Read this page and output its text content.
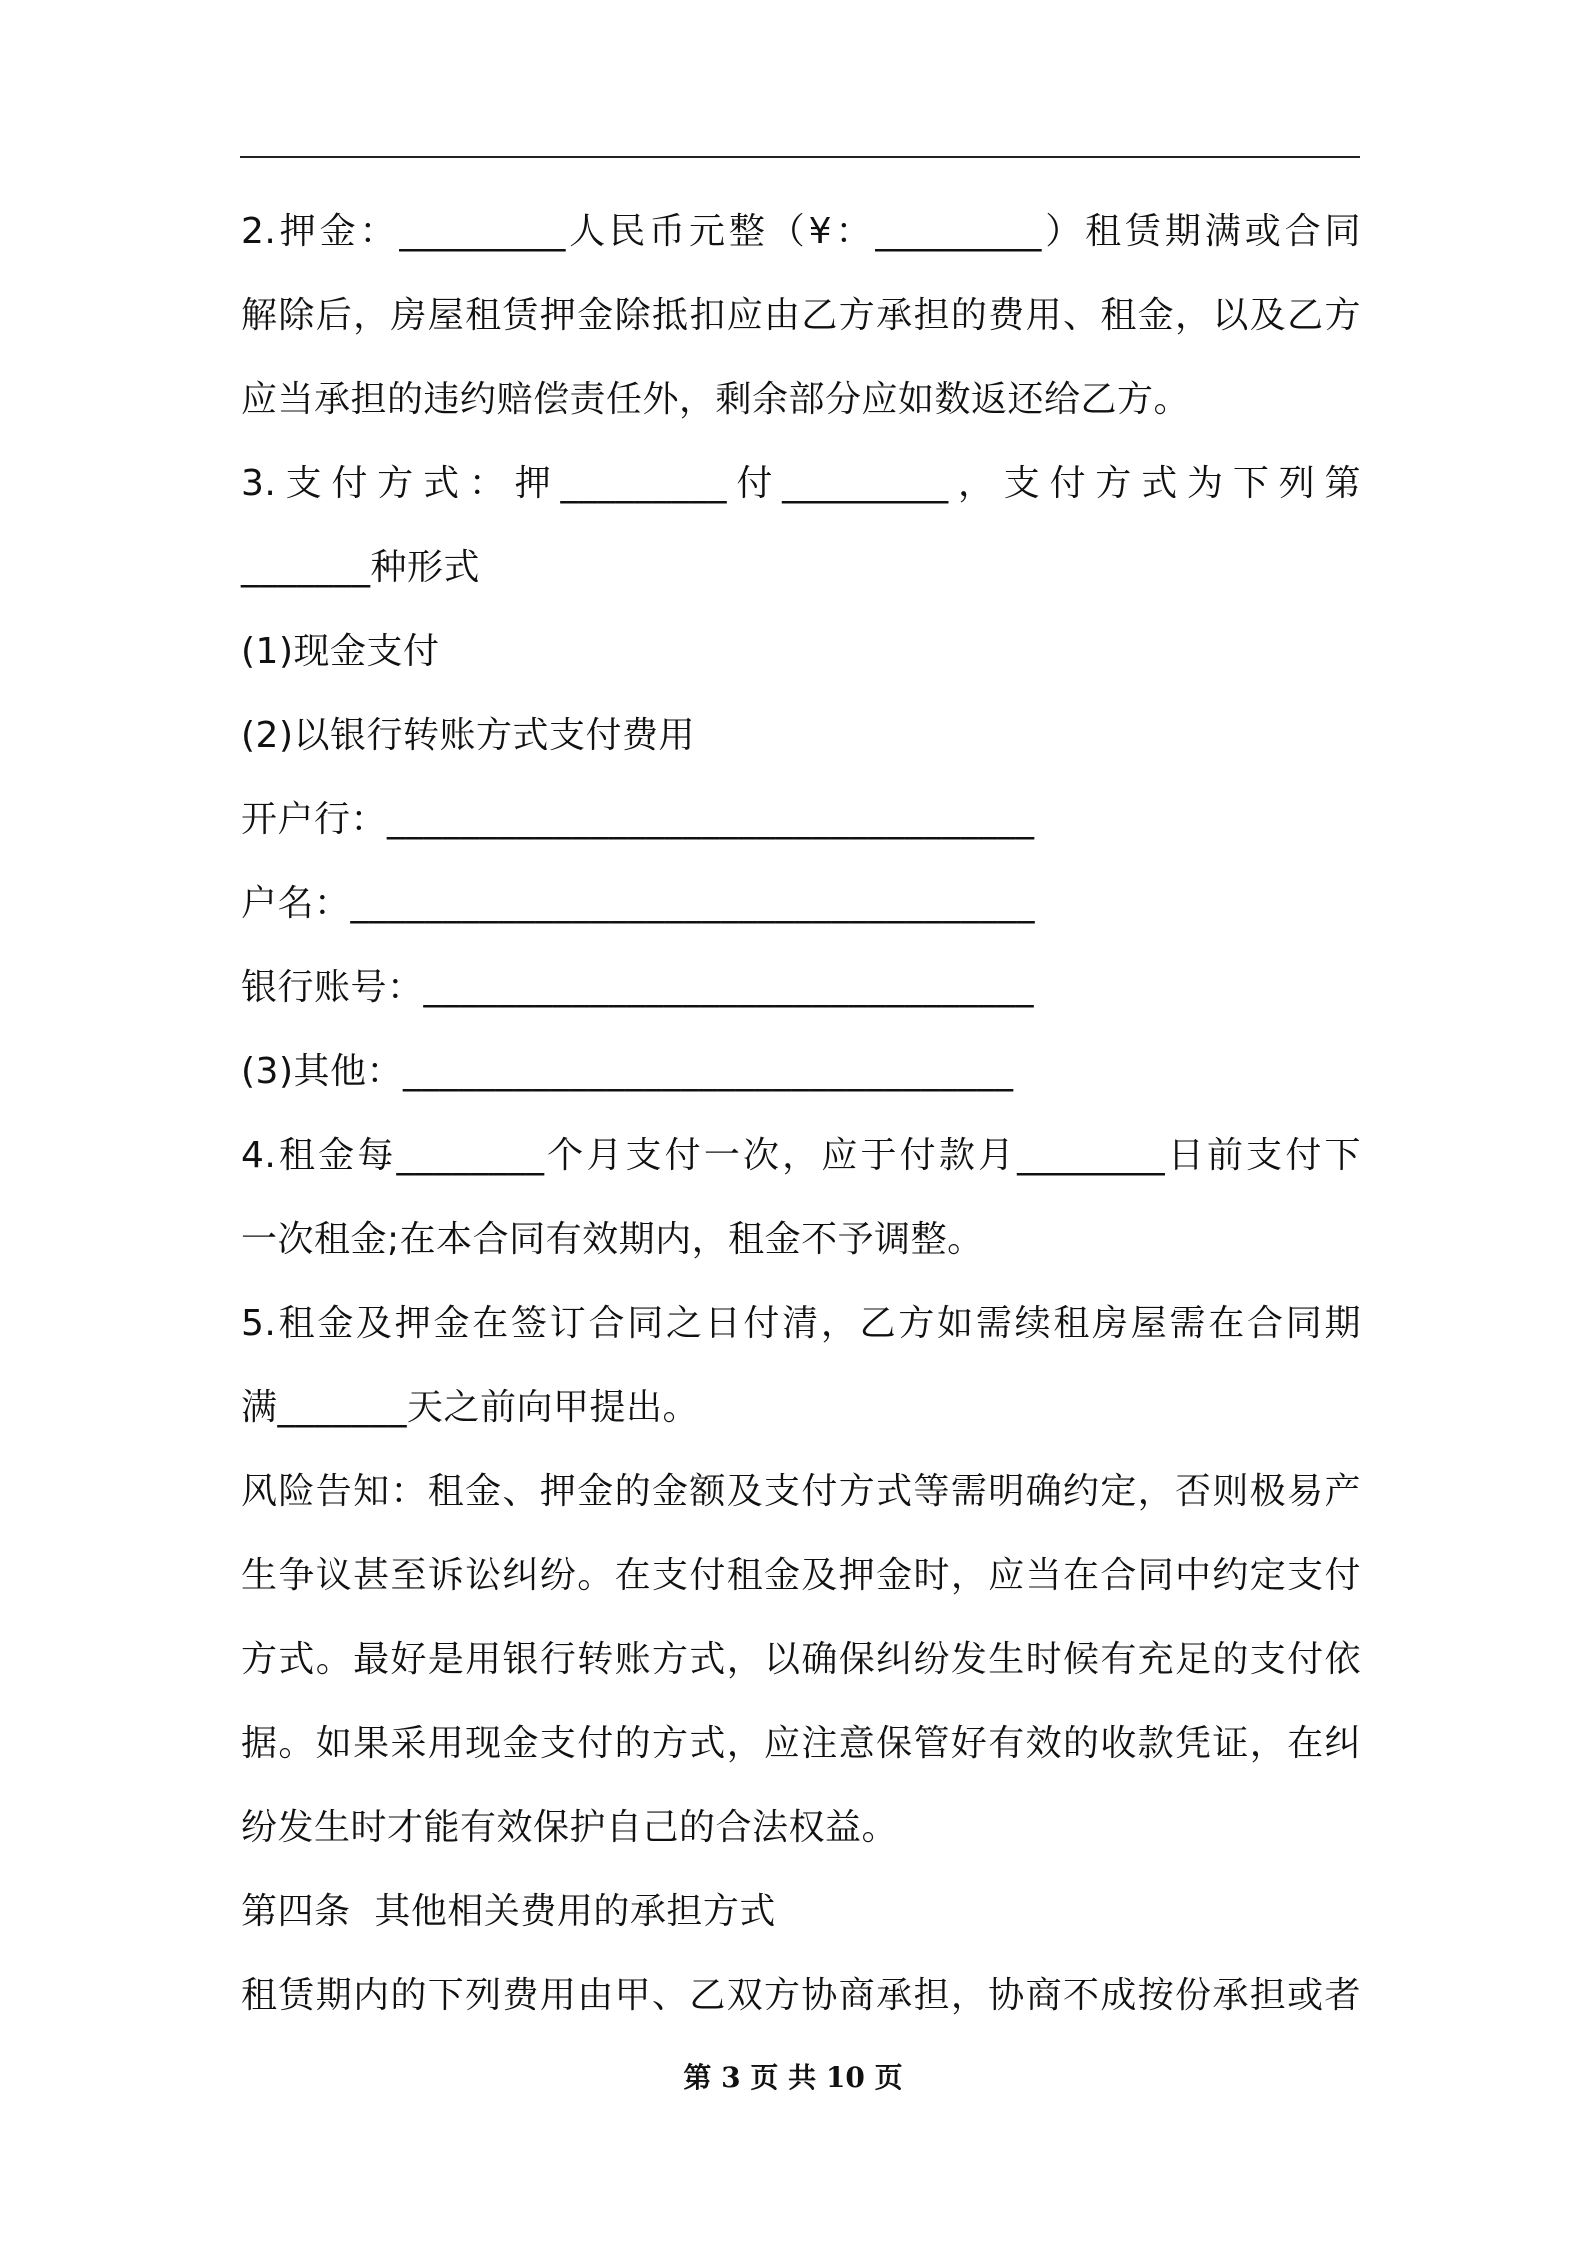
2.押金：_________人民币元整（¥：_________）租赁期满或合同
解除后，房屋租赁押金除抵扣应由乙方承担的费用、租金，以及乙方
应当承担的违约赔偿责任外，剩余部分应如数返还给乙方。
3.支付方式：押_________付_________，支付方式为下列第
_______种形式
(1)现金支付
(2)以银行转账方式支付费用
开户行：___________________________________
户名：_____________________________________
银行账号：_________________________________
(3)其他：_________________________________
4.租金每________个月支付一次，应于付款月________日前支付下
一次租金;在本合同有效期内，租金不予调整。
5.租金及押金在签订合同之日付清，乙方如需续租房屋需在合同期
满_______天之前向甲提出。
风险告知：租金、押金的金额及支付方式等需明确约定，否则极易产
生争议甚至诉讼纠纷。在支付租金及押金时，应当在合同中约定支付
方式。最好是用银行转账方式，以确保纠纷发生时候有充足的支付依
据。如果采用现金支付的方式，应注意保管好有效的收款凭证，在纠
纷发生时才能有效保护自己的合法权益。
第四条  其他相关费用的承担方式
租赁期内的下列费用由甲、乙双方协商承担，协商不成按份承担或者
第 3 页 共 10 页
